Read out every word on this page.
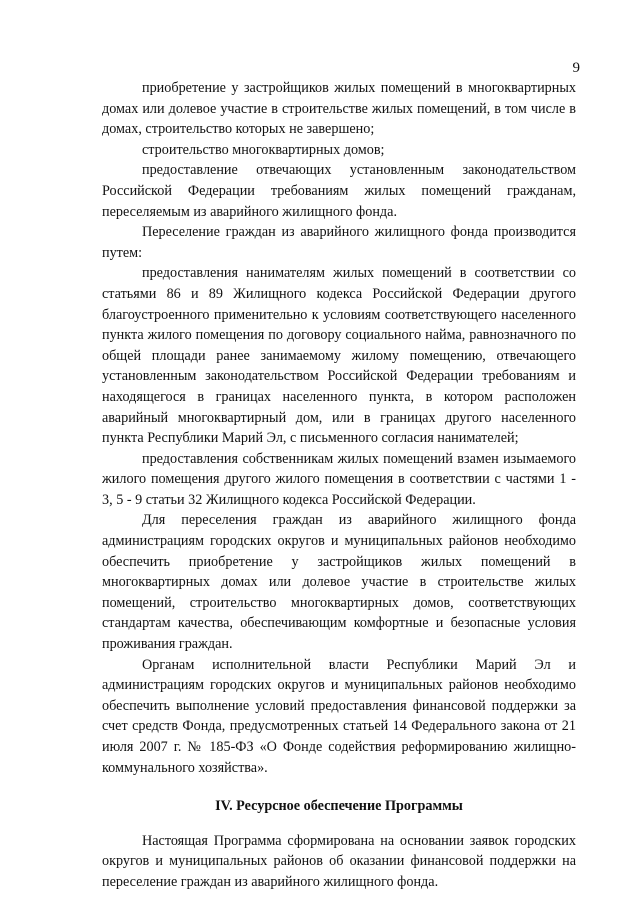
9

приобретение у застройщиков жилых помещений в многоквартирных домах или долевое участие в строительстве жилых помещений, в том числе в домах, строительство которых не завершено;

строительство многоквартирных домов;

предоставление отвечающих установленным законодательством Российской Федерации требованиям жилых помещений гражданам, переселяемым из аварийного жилищного фонда.

Переселение граждан из аварийного жилищного фонда производится путем:

предоставления нанимателям жилых помещений в соответствии со статьями 86 и 89 Жилищного кодекса Российской Федерации другого благоустроенного применительно к условиям соответствующего населенного пункта жилого помещения по договору социального найма, равнозначного по общей площади ранее занимаемому жилому помещению, отвечающего установленным законодательством Российской Федерации требованиям и находящегося в границах населенного пункта, в котором расположен аварийный многоквартирный дом, или в границах другого населенного пункта Республики Марий Эл, с письменного согласия нанимателей;

предоставления собственникам жилых помещений взамен изымаемого жилого помещения другого жилого помещения в соответствии с частями 1 - 3, 5 - 9 статьи 32 Жилищного кодекса Российской Федерации.

Для переселения граждан из аварийного жилищного фонда администрациям городских округов и муниципальных районов необходимо обеспечить приобретение у застройщиков жилых помещений в многоквартирных домах или долевое участие в строительстве жилых помещений, строительство многоквартирных домов, соответствующих стандартам качества, обеспечивающим комфортные и безопасные условия проживания граждан.

Органам исполнительной власти Республики Марий Эл и администрациям городских округов и муниципальных районов необходимо обеспечить выполнение условий предоставления финансовой поддержки за счет средств Фонда, предусмотренных статьей 14 Федерального закона от 21 июля 2007 г. № 185-ФЗ «О Фонде содействия реформированию жилищно-коммунального хозяйства».

IV. Ресурсное обеспечение Программы

Настоящая Программа сформирована на основании заявок городских округов и муниципальных районов об оказании финансовой поддержки на переселение граждан из аварийного жилищного фонда.
